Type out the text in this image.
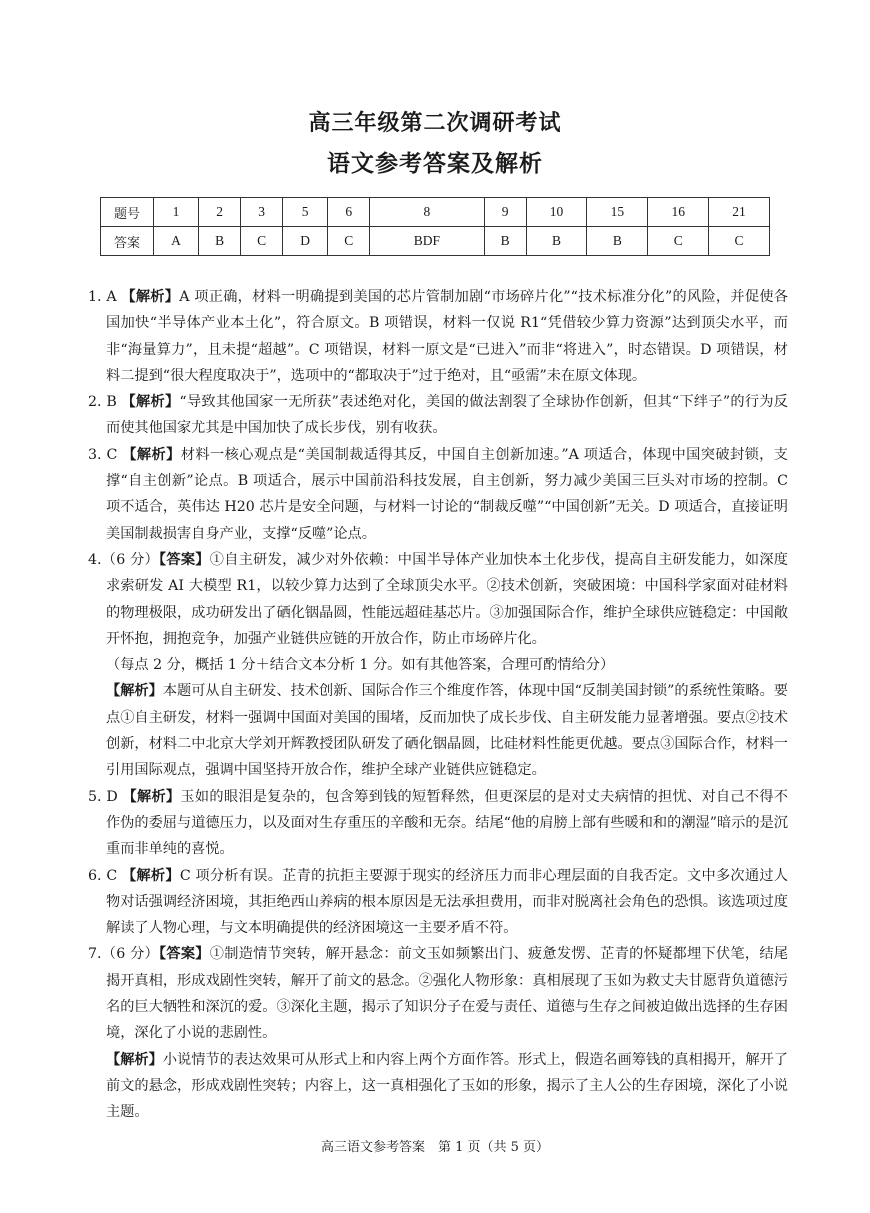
高三年级第二次调研考试
语文参考答案及解析
题号	1	2	3	5	6	8	9	10	15	16	21
答案	A	B	C	D	C	BDF	B	B	B	C	C
1. A 【解析】A 项正确，材料一明确提到美国的芯片管制加剧“市场碎片化”“技术标准分化”的风险，并促使各国加快“半导体产业本土化”，符合原文。B 项错误，材料一仅说 R1“凭借较少算力资源”达到顶尖水平，而非“海量算力”，且未提“超越”。C 项错误，材料一原文是“已进入”而非“将进入”，时态错误。D 项错误，材料二提到“很大程度取决于”，选项中的“都取决于”过于绝对，且“亟需”未在原文体现。
2. B 【解析】“导致其他国家一无所获”表述绝对化，美国的做法割裂了全球协作创新，但其“下绊子”的行为反而使其他国家尤其是中国加快了成长步伐，别有收获。
3. C 【解析】材料一核心观点是“美国制裁适得其反，中国自主创新加速。”A 项适合，体现中国突破封锁，支撑“自主创新”论点。B 项适合，展示中国前沿科技发展，自主创新，努力减少美国三巨头对市场的控制。C 项不适合，英伟达 H20 芯片是安全问题，与材料一讨论的“制裁反噬”“中国创新”无关。D 项适合，直接证明美国制裁损害自身产业，支撑“反噬”论点。
4.（6 分）【答案】①自主研发，减少对外依赖：中国半导体产业加快本土化步伐，提高自主研发能力，如深度求索研发 AI 大模型 R1，以较少算力达到了全球顶尖水平。②技术创新，突破困境：中国科学家面对硅材料的物理极限，成功研发出了硒化铟晶圆，性能远超硅基芯片。③加强国际合作，维护全球供应链稳定：中国敞开怀抱，拥抱竞争，加强产业链供应链的开放合作，防止市场碎片化。
（每点 2 分，概括 1 分＋结合文本分析 1 分。如有其他答案，合理可酌情给分）
【解析】本题可从自主研发、技术创新、国际合作三个维度作答，体现中国“反制美国封锁”的系统性策略。要点①自主研发，材料一强调中国面对美国的围堵，反而加快了成长步伐、自主研发能力显著增强。要点②技术创新，材料二中北京大学刘开辉教授团队研发了硒化铟晶圆，比硅材料性能更优越。要点③国际合作，材料一引用国际观点，强调中国坚持开放合作，维护全球产业链供应链稳定。
5. D 【解析】玉如的眼泪是复杂的，包含筹到钱的短暂释然，但更深层的是对丈夫病情的担忧、对自己不得不作伪的委屈与道德压力，以及面对生存重压的辛酸和无奈。结尾“他的肩膀上部有些暖和和的潮湿”暗示的是沉重而非单纯的喜悦。
6. C 【解析】C 项分析有误。芷青的抗拒主要源于现实的经济压力而非心理层面的自我否定。文中多次通过人物对话强调经济困境，其拒绝西山养病的根本原因是无法承担费用，而非对脱离社会角色的恐惧。该选项过度解读了人物心理，与文本明确提供的经济困境这一主要矛盾不符。
7.（6 分）【答案】①制造情节突转，解开悬念：前文玉如频繁出门、疲惫发愣、芷青的怀疑都埋下伏笔，结尾揭开真相，形成戏剧性突转，解开了前文的悬念。②强化人物形象：真相展现了玉如为救丈夫甘愿背负道德污名的巨大牺牲和深沉的爱。③深化主题，揭示了知识分子在爱与责任、道德与生存之间被迫做出选择的生存困境，深化了小说的悲剧性。
【解析】小说情节的表达效果可从形式上和内容上两个方面作答。形式上，假造名画筹钱的真相揭开，解开了前文的悬念，形成戏剧性突转；内容上，这一真相强化了玉如的形象，揭示了主人公的生存困境，深化了小说主题。
高三语文参考答案　第 1 页（共 5 页）
